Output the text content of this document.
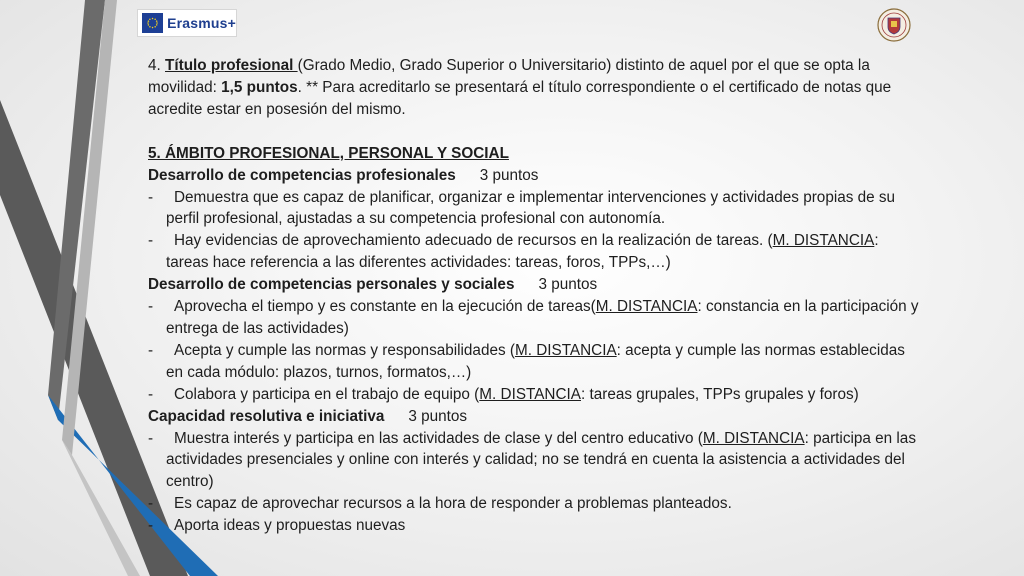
Erasmus+

4. Título profesional (Grado Medio, Grado Superior o Universitario) distinto de aquel por el que se opta la movilidad: 1,5 puntos. ** Para acreditarlo se presentará el título correspondiente o el certificado de notas que acredite estar en posesión del mismo.

5. ÁMBITO PROFESIONAL, PERSONAL Y SOCIAL

Desarrollo de competencias profesionales 3 puntos

- Demuestra que es capaz de planificar, organizar e implementar intervenciones y actividades propias de su perfil profesional, ajustadas a su competencia profesional con autonomía.

- Hay evidencias de aprovechamiento adecuado de recursos en la realización de tareas. (M. DISTANCIA: tareas hace referencia a las diferentes actividades: tareas, foros, TPPs,…)

Desarrollo de competencias personales y sociales 3 puntos

- Aprovecha el tiempo y es constante en la ejecución de tareas(M. DISTANCIA: constancia en la participación y entrega de las actividades)

- Acepta y cumple las normas y responsabilidades (M. DISTANCIA: acepta y cumple las normas establecidas en cada módulo: plazos, turnos, formatos,…)

- Colabora y participa en el trabajo de equipo (M. DISTANCIA: tareas grupales, TPPs grupales y foros)

Capacidad resolutiva e iniciativa 3 puntos

- Muestra interés y participa en las actividades de clase y del centro educativo (M. DISTANCIA: participa en las actividades presenciales y online con interés y calidad; no se tendrá en cuenta la asistencia a actividades del centro)

- Es capaz de aprovechar recursos a la hora de responder a problemas planteados.

- Aporta ideas y propuestas nuevas
